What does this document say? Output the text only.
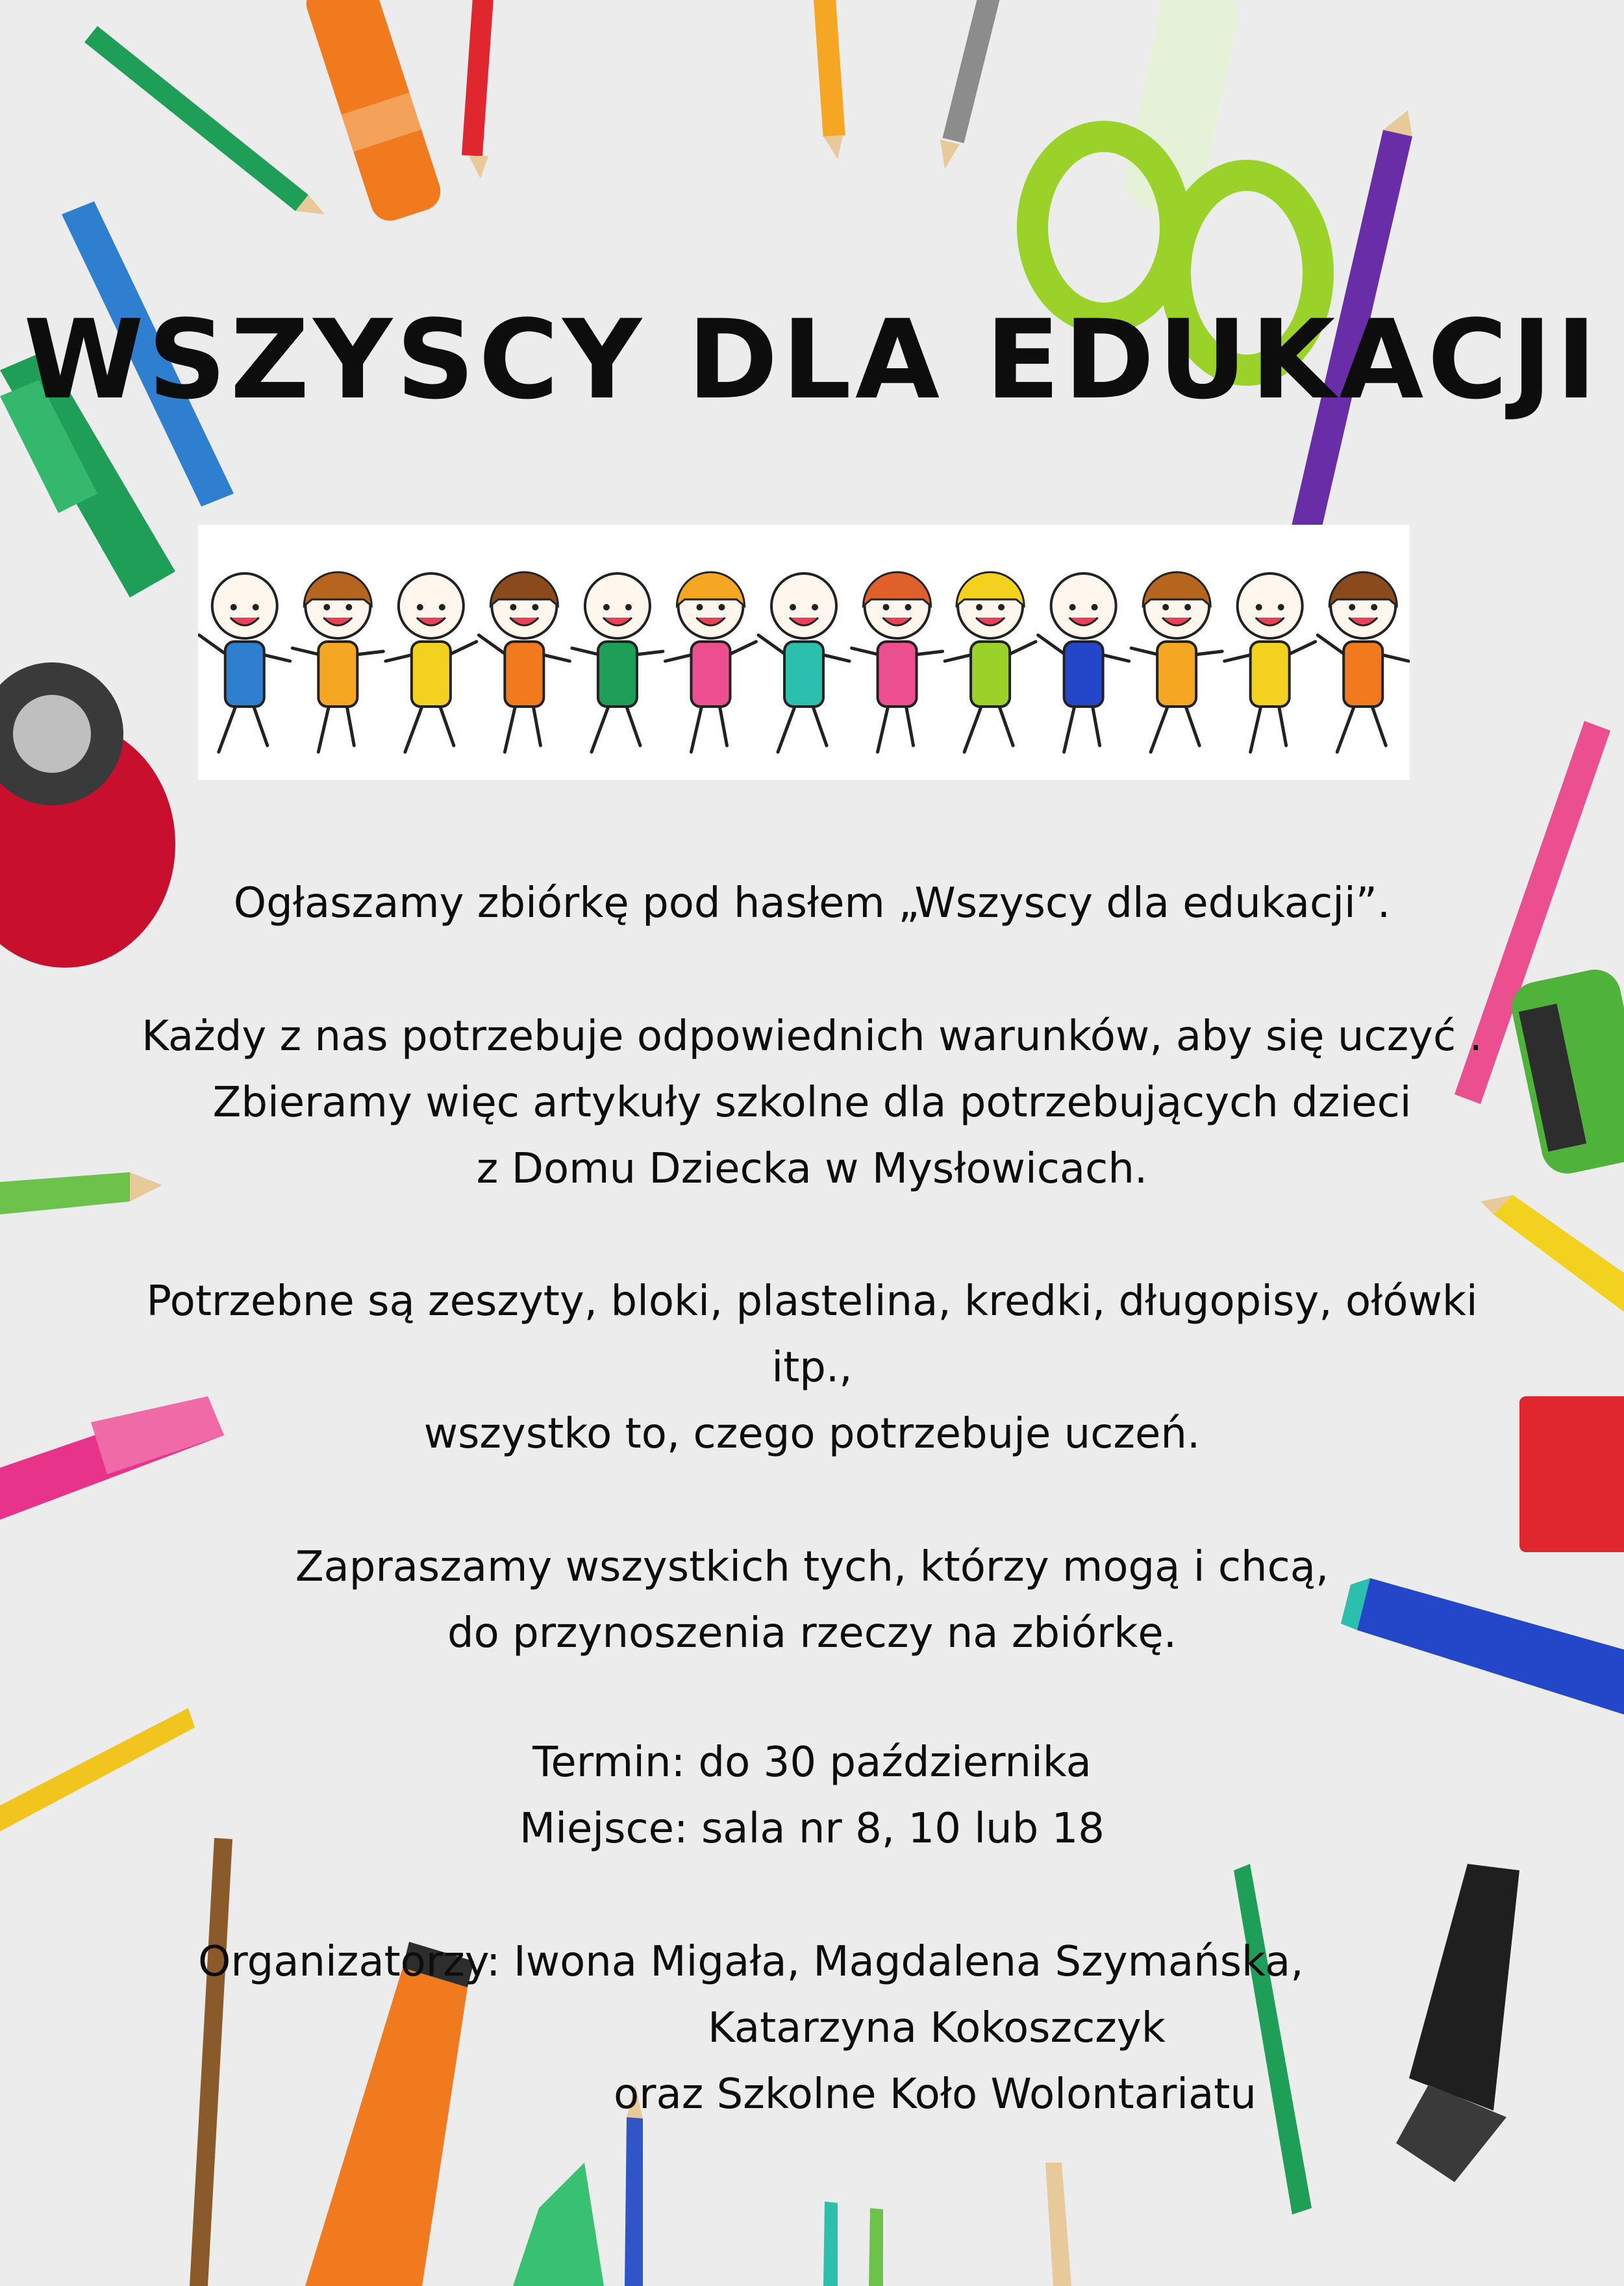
WSZYSCY DLA EDUKACJI
Ogłaszamy zbiórkę pod hasłem „Wszyscy dla edukacji”.
Każdy z nas potrzebuje odpowiednich warunków, aby się uczyć .
Zbieramy więc artykuły szkolne dla potrzebujących dzieci
z Domu Dziecka w Mysłowicach.
Potrzebne są zeszyty, bloki, plastelina, kredki, długopisy, ołówki
itp.,
wszystko to, czego potrzebuje uczeń.
Zapraszamy wszystkich tych, którzy mogą i chcą,
do przynoszenia rzeczy na zbiórkę.
Termin: do 30 października
Miejsce: sala nr 8, 10 lub 18
Organizatorzy: Iwona Migała, Magdalena Szymańska,
Katarzyna Kokoszczyk
oraz Szkolne Koło Wolontariatu
